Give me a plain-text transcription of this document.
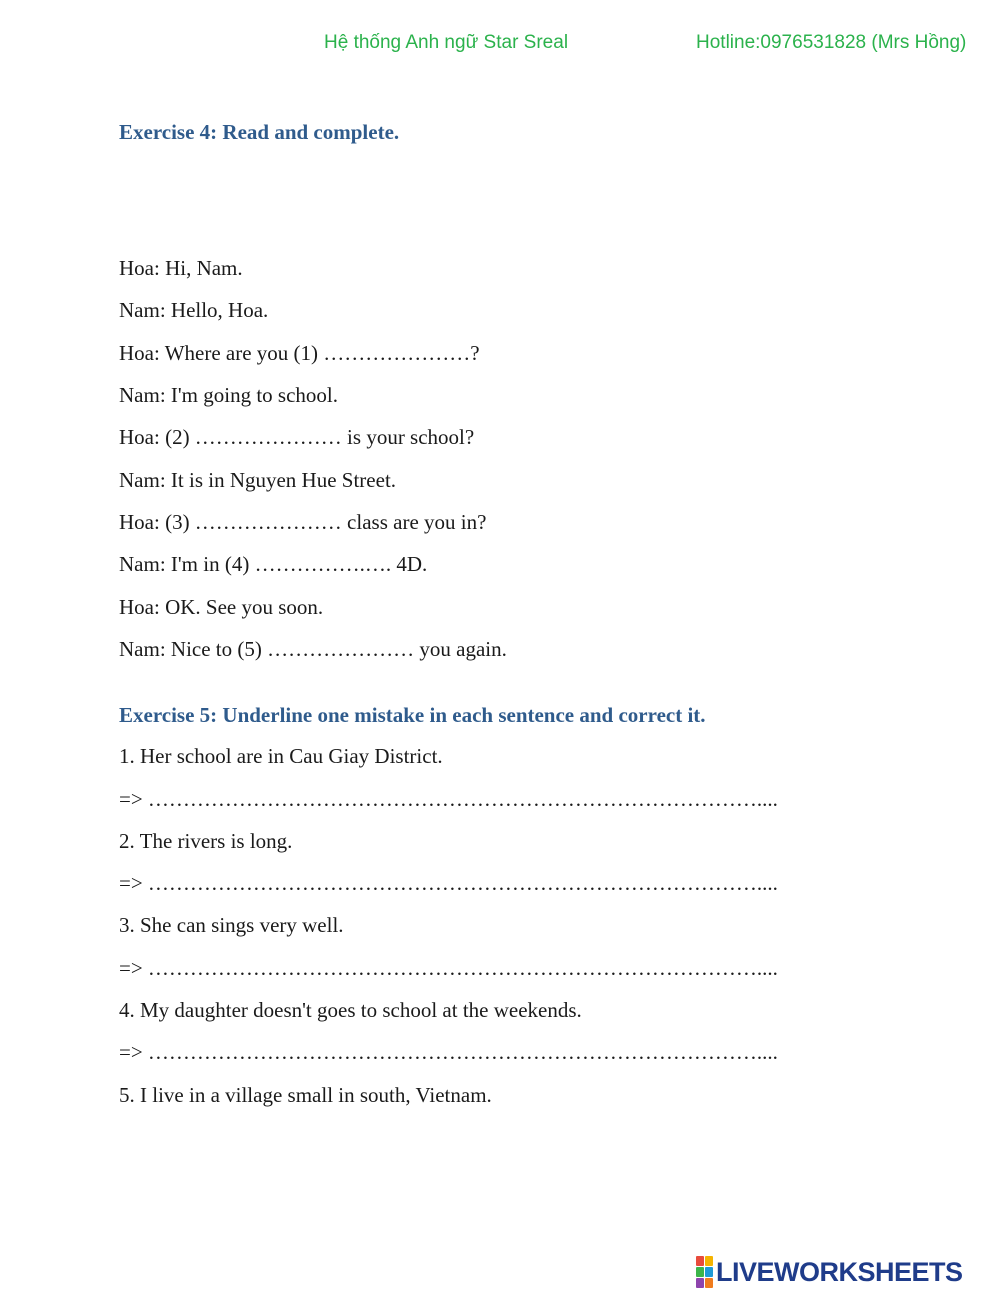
Hệ thống Anh ngữ Star Sreal	Hotline:0976531828 (Mrs Hồng)
Exercise 4: Read and complete.
Hoa: Hi, Nam.
Nam: Hello, Hoa.
Hoa: Where are you (1) …………………?
Nam: I'm going to school.
Hoa: (2) ………………… is your school?
Nam: It is in Nguyen Hue Street.
Hoa: (3) ………………… class are you in?
Nam: I'm in (4) …………….…. 4D.
Hoa: OK. See you soon.
Nam: Nice to (5) ………………… you again.
Exercise 5: Underline one mistake in each sentence and correct it.
1. Her school are in Cau Giay District.
=> ……………………………………………………………………………....
2. The rivers is long.
=> ……………………………………………………………………………....
3. She can sings very well.
=> ……………………………………………………………………………....
4. My daughter doesn't goes to school at the weekends.
=> ……………………………………………………………………………....
5. I live in a village small in south, Vietnam.
LIVEWORKSHEETS
